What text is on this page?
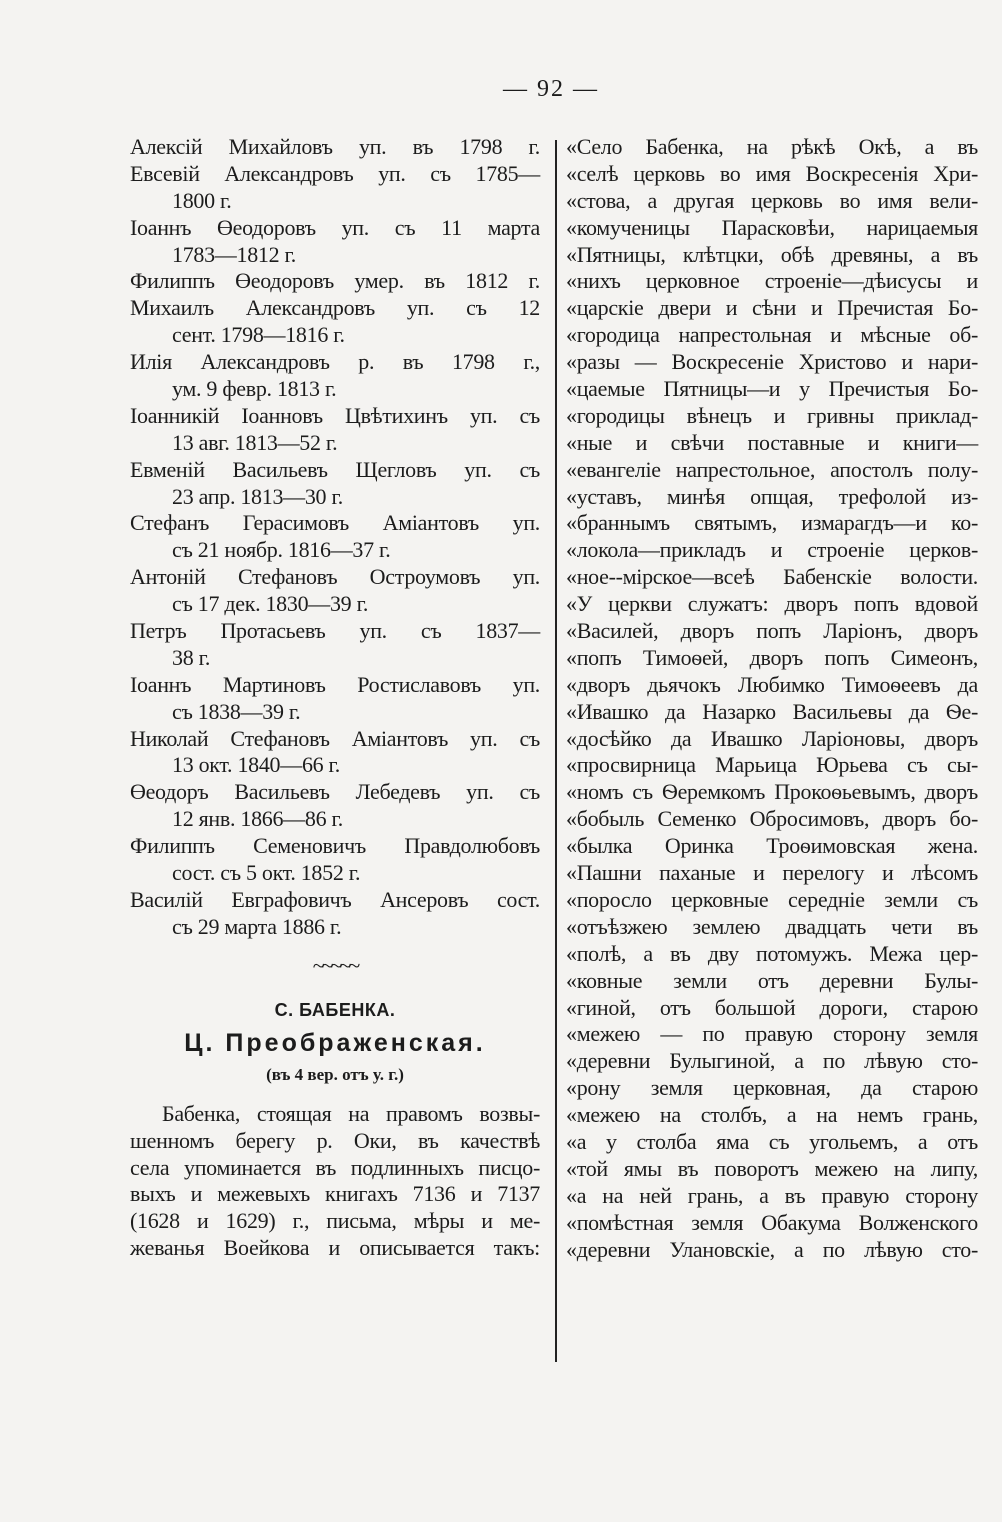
— 92 —
Алексій Михайловъ уп. въ 1798 г.
Евсевій Александровъ уп. съ 1785—
1800 г.
Іоаннъ Өеодоровъ уп. съ 11 марта
1783—1812 г.
Филиппъ Өеодоровъ умер. въ 1812 г.
Михаилъ Александровъ уп. съ 12
сент. 1798—1816 г.
Илія Александровъ р. въ 1798 г.,
ум. 9 февр. 1813 г.
Іоанникій Іоанновъ Цвѣтихинъ уп. съ
13 авг. 1813—52 г.
Евменій Васильевъ Щегловъ уп. съ
23 апр. 1813—30 г.
Стефанъ Герасимовъ Аміантовъ уп.
съ 21 ноябр. 1816—37 г.
Антоній Стефановъ Остроумовъ уп.
съ 17 дек. 1830—39 г.
Петръ Протасьевъ уп. съ 1837—
38 г.
Іоаннъ Мартиновъ Ростиславовъ уп.
съ 1838—39 г.
Николай Стефановъ Аміантовъ уп. съ
13 окт. 1840—66 г.
Өеодоръ Васильевъ Лебедевъ уп. съ
12 янв. 1866—86 г.
Филиппъ Семеновичъ Правдолюбовъ
сост. съ 5 окт. 1852 г.
Василій Евграфовичъ Ансеровъ сост.
съ 29 марта 1886 г.
~~~~~
С. БАБЕНКА.
Ц. Преображенская.
(въ 4 вер. отъ у. г.)
Бабенка, стоящая на правомъ возвы-
шенномъ берегу р. Оки, въ качествѣ
села упоминается въ подлинныхъ писцо-
выхъ и межевыхъ книгахъ 7136 и 7137
(1628 и 1629) г., письма, мѣры и ме-
жеванья Воейкова и описывается такъ:
«Село Бабенка, на рѣкѣ Окѣ, а въ
«селѣ церковь во имя Воскресенія Хри-
«стова, а другая церковь во имя вели-
«комученицы Парасковѣи, нарицаемыя
«Пятницы, клѣтцки, обѣ древяны, а въ
«нихъ церковное строеніе—дѣисусы и
«царскіе двери и сѣни и Пречистая Бо-
«городица напрестольная и мѣсные об-
«разы — Воскресеніе Христово и нари-
«цаемые Пятницы—и у Пречистыя Бо-
«городицы вѣнецъ и гривны приклад-
«ные и свѣчи поставные и книги—
«евангеліе напрестольное, апостолъ полу-
«уставъ, минѣя опщая, трефолой из-
«браннымъ святымъ, измарагдъ—и ко-
«локола—прикладъ и строеніе церков-
«ное--мірское—всеѣ Бабенскіе волости.
«У церкви служатъ: дворъ попъ вдовой
«Василей, дворъ попъ Ларіонъ, дворъ
«попъ Тимоѳей, дворъ попъ Симеонъ,
«дворъ дьячокъ Любимко Тимоѳеевъ да
«Ивашко да Назарко Васильевы да Ѳе-
«досѣйко да Ивашко Ларіоновы, дворъ
«просвирница Марьица Юрьева съ сы-
«номъ съ Ѳеремкомъ Прокоѳьевымъ, дворъ
«бобыль Семенко Обросимовъ, дворъ бо-
«былка Оринка Троѳимовская жена.
«Пашни паханые и перелогу и лѣсомъ
«поросло церковные середніе земли съ
«отъѣзжею землею двадцать чети въ
«полѣ, а въ дву потомужъ. Межа цер-
«ковные земли отъ деревни Булы-
«гиной, отъ большой дороги, старою
«межею — по правую сторону земля
«деревни Булыгиной, а по лѣвую сто-
«рону земля церковная, да старою
«межею на столбъ, а на немъ грань,
«а у столба яма съ угольемъ, а отъ
«той ямы въ поворотъ межею на липу,
«а на ней грань, а въ правую сторону
«помѣстная земля Обакума Волженского
«деревни Улановскіе, а по лѣвую сто-
